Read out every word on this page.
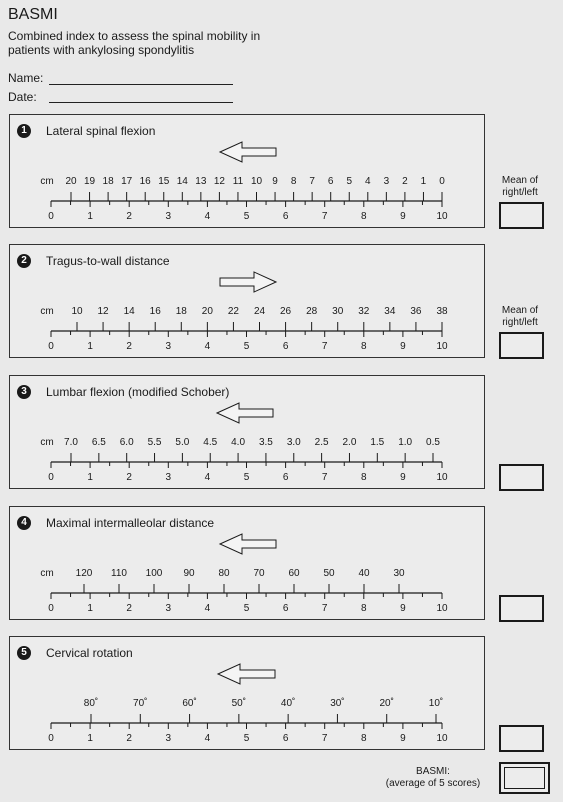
BASMI
Combined index to assess the spinal mobility in patients with ankylosing spondylitis
Name:
Date:
1	Lateral spinal flexion
0	1	2	3	4	5	6	7	8	9	10
cm 20 19 18 17 16 15 14 13 12 11 10 9 8 7 6 5 4 3 2 1 0
2	Tragus-to-wall distance
0	1	2	3	4	5	6	7	8	9	10
cm 10 12 14 16 18 20 22 24 26 28 30 32 34 36 38
3	Lumbar flexion (modified Schober)
0	1	2	3	4	5	6	7	8	9	10
cm 7.0 6.5 6.0 5.5 5.0 4.5 4.0 3.5 3.0 2.5 2.0 1.5 1.0 0.5
4	Maximal intermalleolar distance
0	1	2	3	4	5	6	7	8	9	10
cm 120 110 100 90 80 70 60 50 40 30
5	Cervical rotation
0	1	2	3	4	5	6	7	8	9	10
80˚	70˚	60˚	50˚	40˚	30˚	20˚	10˚
Mean of right/left
Mean of right/left
BASMI:
(average of 5 scores)
